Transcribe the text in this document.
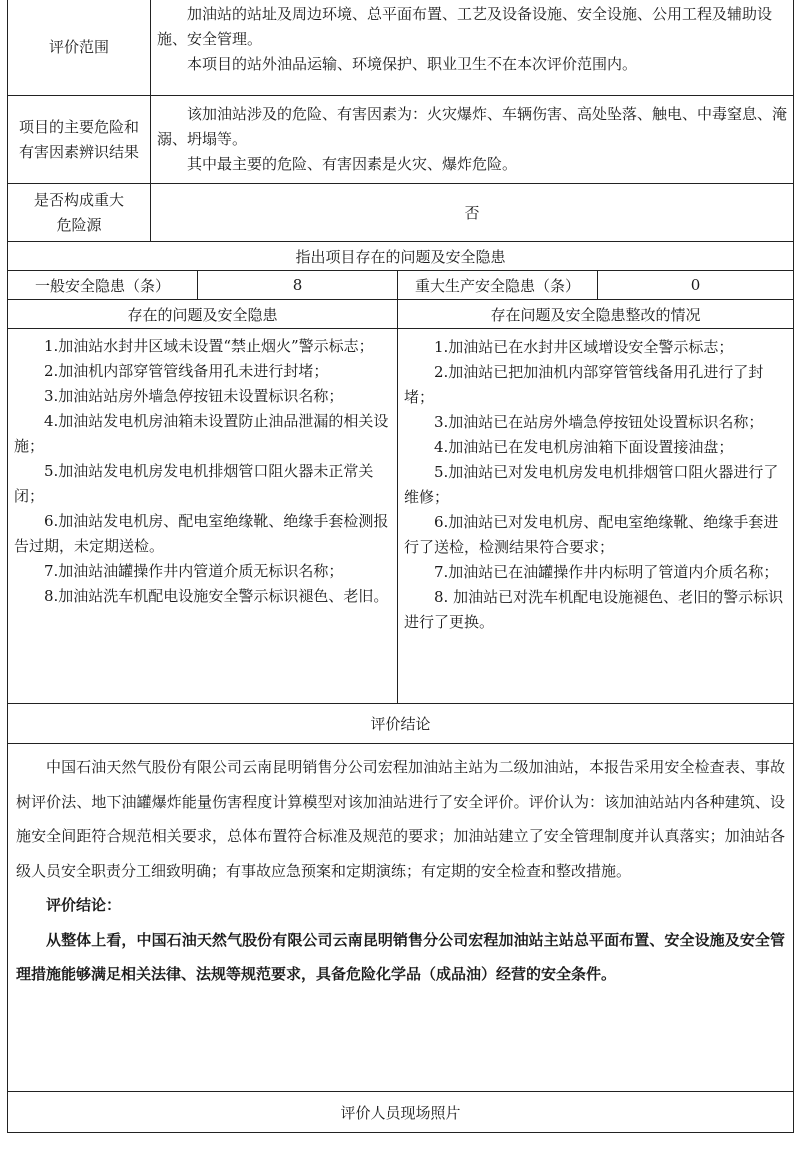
评价范围

加油站的站址及周边环境、总平面布置、工艺及设备设施、安全设施、公用工程及辅助设施、安全管理。

本项目的站外油品运输、环境保护、职业卫生不在本次评价范围内。

项目的主要危险和有害因素辨识结果

该加油站涉及的危险、有害因素为：火灾爆炸、车辆伤害、高处坠落、触电、中毒窒息、淹溺、坍塌等。

其中最主要的危险、有害因素是火灾、爆炸危险。

是否构成重大危险源
否
指出项目存在的问题及安全隐患
一般安全隐患（条）	8	重大生产安全隐患（条）	0
存在的问题及安全隐患	存在问题及安全隐患整改的情况

1.加油站水封井区域未设置“禁止烟火”警示标志；

2.加油机内部穿管管线备用孔未进行封堵；

3.加油站站房外墙急停按钮未设置标识名称；

4.加油站发电机房油箱未设置防止油品泄漏的相关设施；

5.加油站发电机房发电机排烟管口阻火器未正常关闭；

6.加油站发电机房、配电室绝缘靴、绝缘手套检测报告过期，未定期送检。

7.加油站油罐操作井内管道介质无标识名称；

8.加油站洗车机配电设施安全警示标识褪色、老旧。

1.加油站已在水封井区域增设安全警示标志；

2.加油站已把加油机内部穿管管线备用孔进行了封堵；

3.加油站已在站房外墙急停按钮处设置标识名称；

4.加油站已在发电机房油箱下面设置接油盘；

5.加油站已对发电机房发电机排烟管口阻火器进行了维修；

6.加油站已对发电机房、配电室绝缘靴、绝缘手套进行了送检，检测结果符合要求；

7.加油站已在油罐操作井内标明了管道内介质名称；

8. 加油站已对洗车机配电设施褪色、老旧的警示标识进行了更换。

评价结论

中国石油天然气股份有限公司云南昆明销售分公司宏程加油站主站为二级加油站，本报告采用安全检查表、事故树评价法、地下油罐爆炸能量伤害程度计算模型对该加油站进行了安全评价。评价认为：该加油站站内各种建筑、设施安全间距符合规范相关要求，总体布置符合标准及规范的要求；加油站建立了安全管理制度并认真落实；加油站各级人员安全职责分工细致明确；有事故应急预案和定期演练；有定期的安全检查和整改措施。

评价结论：

从整体上看，中国石油天然气股份有限公司云南昆明销售分公司宏程加油站主站总平面布置、安全设施及安全管理措施能够满足相关法律、法规等规范要求，具备危险化学品（成品油）经营的安全条件。

评价人员现场照片
